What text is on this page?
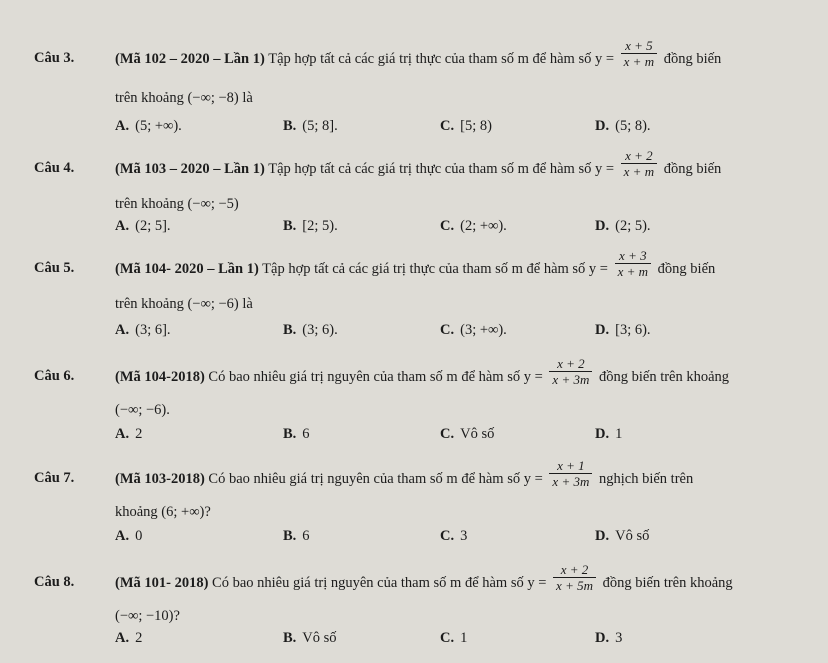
Câu 3.	(Mã 102 – 2020 – Lần 1) Tập hợp tất cả các giá trị thực của tham số m để hàm số $y = \frac{x + 5}{x + m}$ đồng biến
trên khoảng (−∞; −8) là
A. (5; +∞).	B. (5; 8].	C. [5; 8)	D. (5; 8).
Câu 4.	(Mã 103 – 2020 – Lần 1) Tập hợp tất cả các giá trị thực của tham số m để hàm số $y = \frac{x + 2}{x + m}$ đồng biến
trên khoảng (−∞; −5)
A. (2; 5].	B. [2; 5).	C. (2; +∞).	D. (2; 5).
Câu 5.	(Mã 104- 2020 – Lần 1) Tập hợp tất cả các giá trị thực của tham số m để hàm số $y = \frac{x + 3}{x + m}$ đồng biến
trên khoảng (−∞; −6) là
A. (3; 6].	B. (3; 6).	C. (3; +∞).	D. [3; 6).
Câu 6.	(Mã 104-2018) Có bao nhiêu giá trị nguyên của tham số m để hàm số $y = \frac{x + 2}{x + 3m}$ đồng biến trên khoảng
(−∞; −6).
A. 2	B. 6	C. Vô số	D. 1
Câu 7.	(Mã 103-2018) Có bao nhiêu giá trị nguyên của tham số m để hàm số $y = \frac{x + 1}{x + 3m}$ nghịch biến trên
khoảng (6; +∞)?
A. 0	B. 6	C. 3	D. Vô số
Câu 8.	(Mã 101- 2018) Có bao nhiêu giá trị nguyên của tham số m để hàm số $y = \frac{x + 2}{x + 5m}$ đồng biến trên khoảng
(−∞; −10)?
A. 2	B. Vô số	C. 1	D. 3
